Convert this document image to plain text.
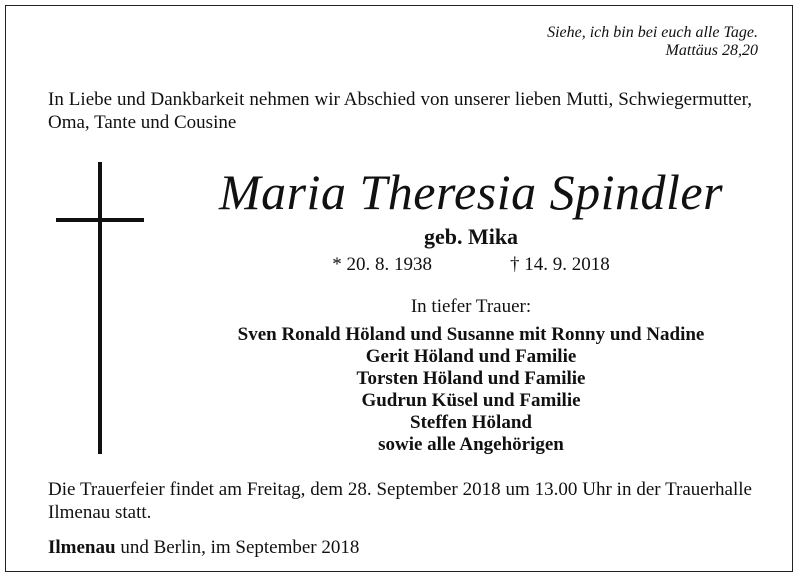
Siehe, ich bin bei euch alle Tage.
Mattäus 28,20
In Liebe und Dankbarkeit nehmen wir Abschied von unserer lieben Mutti, Schwiegermutter, Oma, Tante und Cousine
Maria Theresia Spindler
geb. Mika
* 20. 8. 1938	† 14. 9. 2018
In tiefer Trauer:
Sven Ronald Höland und Susanne mit Ronny und Nadine
Gerit Höland und Familie
Torsten Höland und Familie
Gudrun Küsel und Familie
Steffen Höland
sowie alle Angehörigen
Die Trauerfeier findet am Freitag, dem 28. September 2018 um 13.00 Uhr in der Trauerhalle Ilmenau statt.
Ilmenau und Berlin, im September 2018
